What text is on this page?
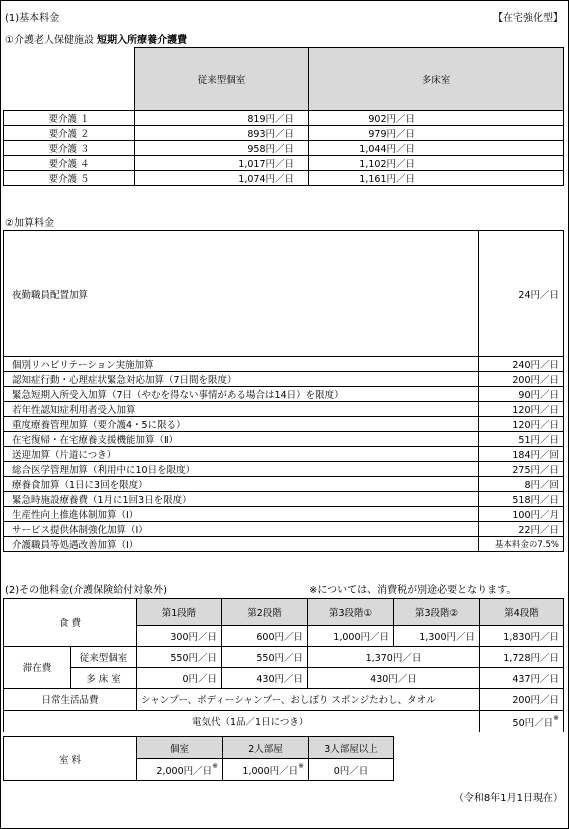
(1)基本料金	【在宅強化型】
①介護老人保健施設 短期入所療養介護費
	従来型個室	多床室
要介護 １	819円／日	902円／日
要介護 ２	893円／日	979円／日
要介護 ３	958円／日	1,044円／日
要介護 ４	1,017円／日	1,102円／日
要介護 ５	1,074円／日	1,161円／日
②加算料金
夜勤職員配置加算	24円／日
個別リハビリテーション実施加算	240円／日
認知症行動・心理症状緊急対応加算（7日間を限度）	200円／日
緊急短期入所受入加算（7日（やむを得ない事情がある場合は14日）を限度）	90円／日
若年性認知症利用者受入加算	120円／日
重度療養管理加算（要介護4・5に限る）	120円／日
在宅復帰・在宅療養支援機能加算（Ⅱ）	51円／日
送迎加算（片道につき）	184円／回
総合医学管理加算（利用中に10日を限度）	275円／日
療養食加算（1日に3回を限度）	8円／回
緊急時施設療養費（1月に1回3日を限度）	518円／日
生産性向上推進体制加算（Ⅰ）	100円／月
サービス提供体制強化加算（Ⅰ）	22円／日
介護職員等処遇改善加算（Ⅰ）	基本料金の7.5%
(2)その他料金(介護保険給付対象外)	※については、消費税が別途必要となります。
食 費		第1段階	第2段階	第3段階①	第3段階②	第4段階
		300円／日	600円／日	1,000円／日	1,300円／日	1,830円／日
滞在費	従来型個室	550円／日	550円／日	1,370円／日		1,728円／日
	多 床 室	0円／日	430円／日	430円／日		437円／日
日常生活品費		シャンプー、ボディーシャンプー、おしぼり スポンジたわし、タオル				200円／日
電気代（1品／1日につき）						50円／日※
室 料	個室	2人部屋	3人部屋以上
	2,000円／日※	1,000円／日※	0円／日
（令和8年1月1日現在）
